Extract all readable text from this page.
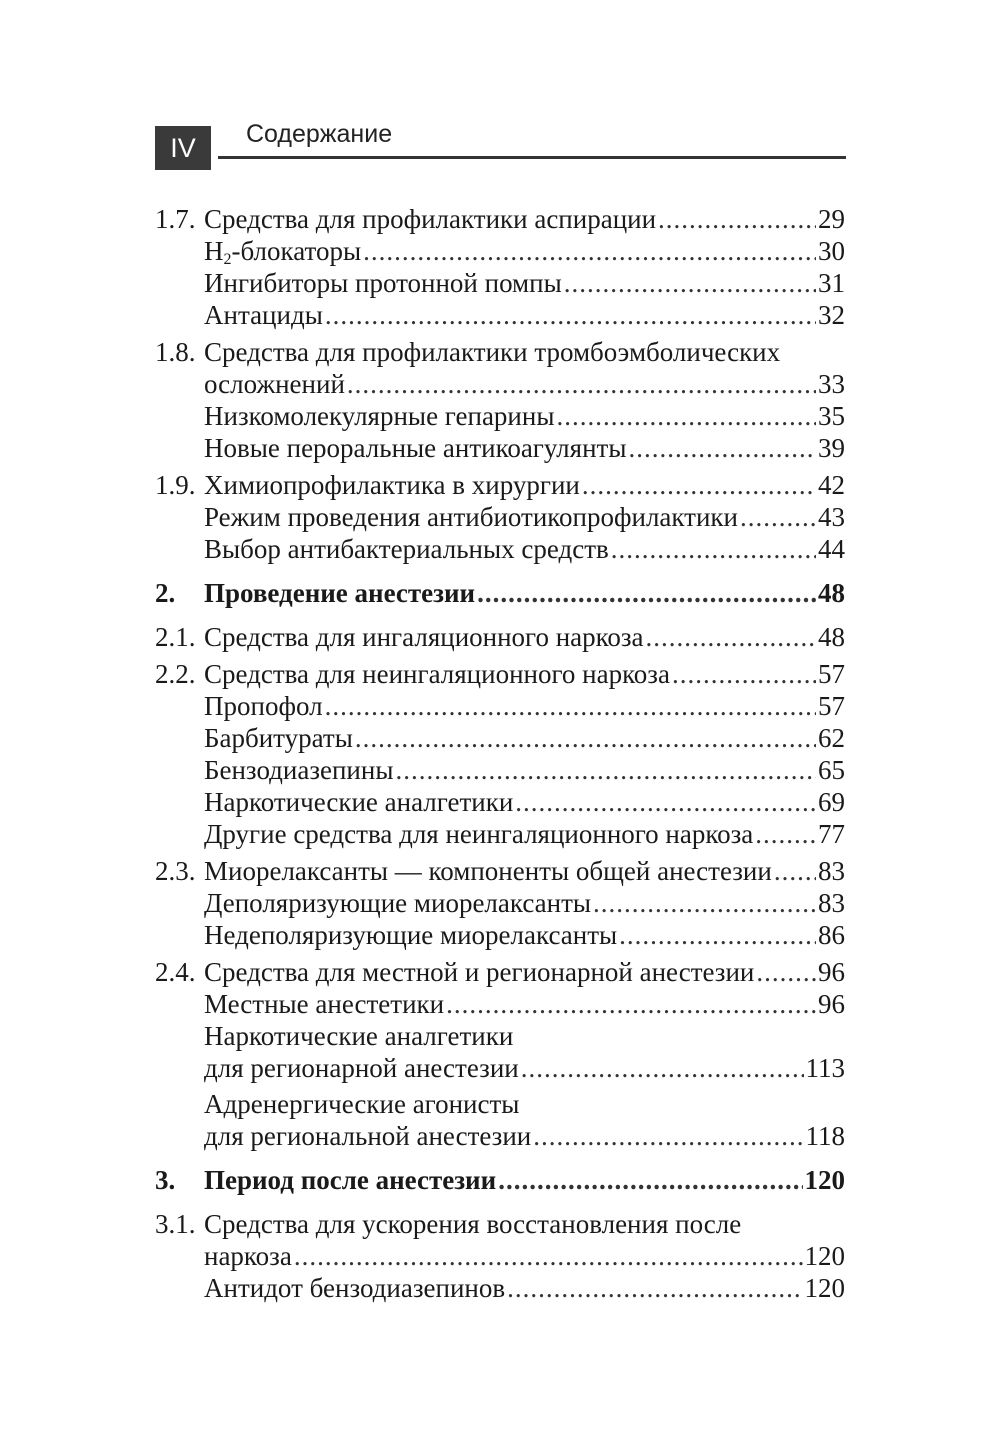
IV	Содержание
1.7. Средства для профилактики аспирации .....	29
$H_2$-блокаторы .....	30
Ингибиторы протонной помпы .....	31
Антациды .....	32
1.8. Средства для профилактики тромбоэмболических
осложнений .....	33
Низкомолекулярные гепарины .....	35
Новые пероральные антикоагулянты .....	39
1.9. Химиопрофилактика в хирургии .....	42
Режим проведения антибиотикопрофилактики .....	43
Выбор антибактериальных средств .....	44
2.	Проведение анестезии .....	48
2.1. Средства для ингаляционного наркоза .....	48
2.2. Средства для неингаляционного наркоза .....	57
Пропофол .....	57
Барбитураты .....	62
Бензодиазепины .....	65
Наркотические аналгетики .....	69
Другие средства для неингаляционного наркоза ..... 77
2.3. Миорелаксанты — компоненты общей анестезии ..... 83
Деполяризующие миорелаксанты .....	83
Недеполяризующие миорелаксанты .....	86
2.4. Средства для местной и регионарной анестезии ..... 96
Местные анестетики .....	96
Наркотические аналгетики
для регионарной анестезии .....	113
Адренергические агонисты
для региональной анестезии .....	118
3.	Период после анестезии .....	120
3.1. Средства для ускорения восстановления после
наркоза .....	120
Антидот бензодиазепинов .....	120
